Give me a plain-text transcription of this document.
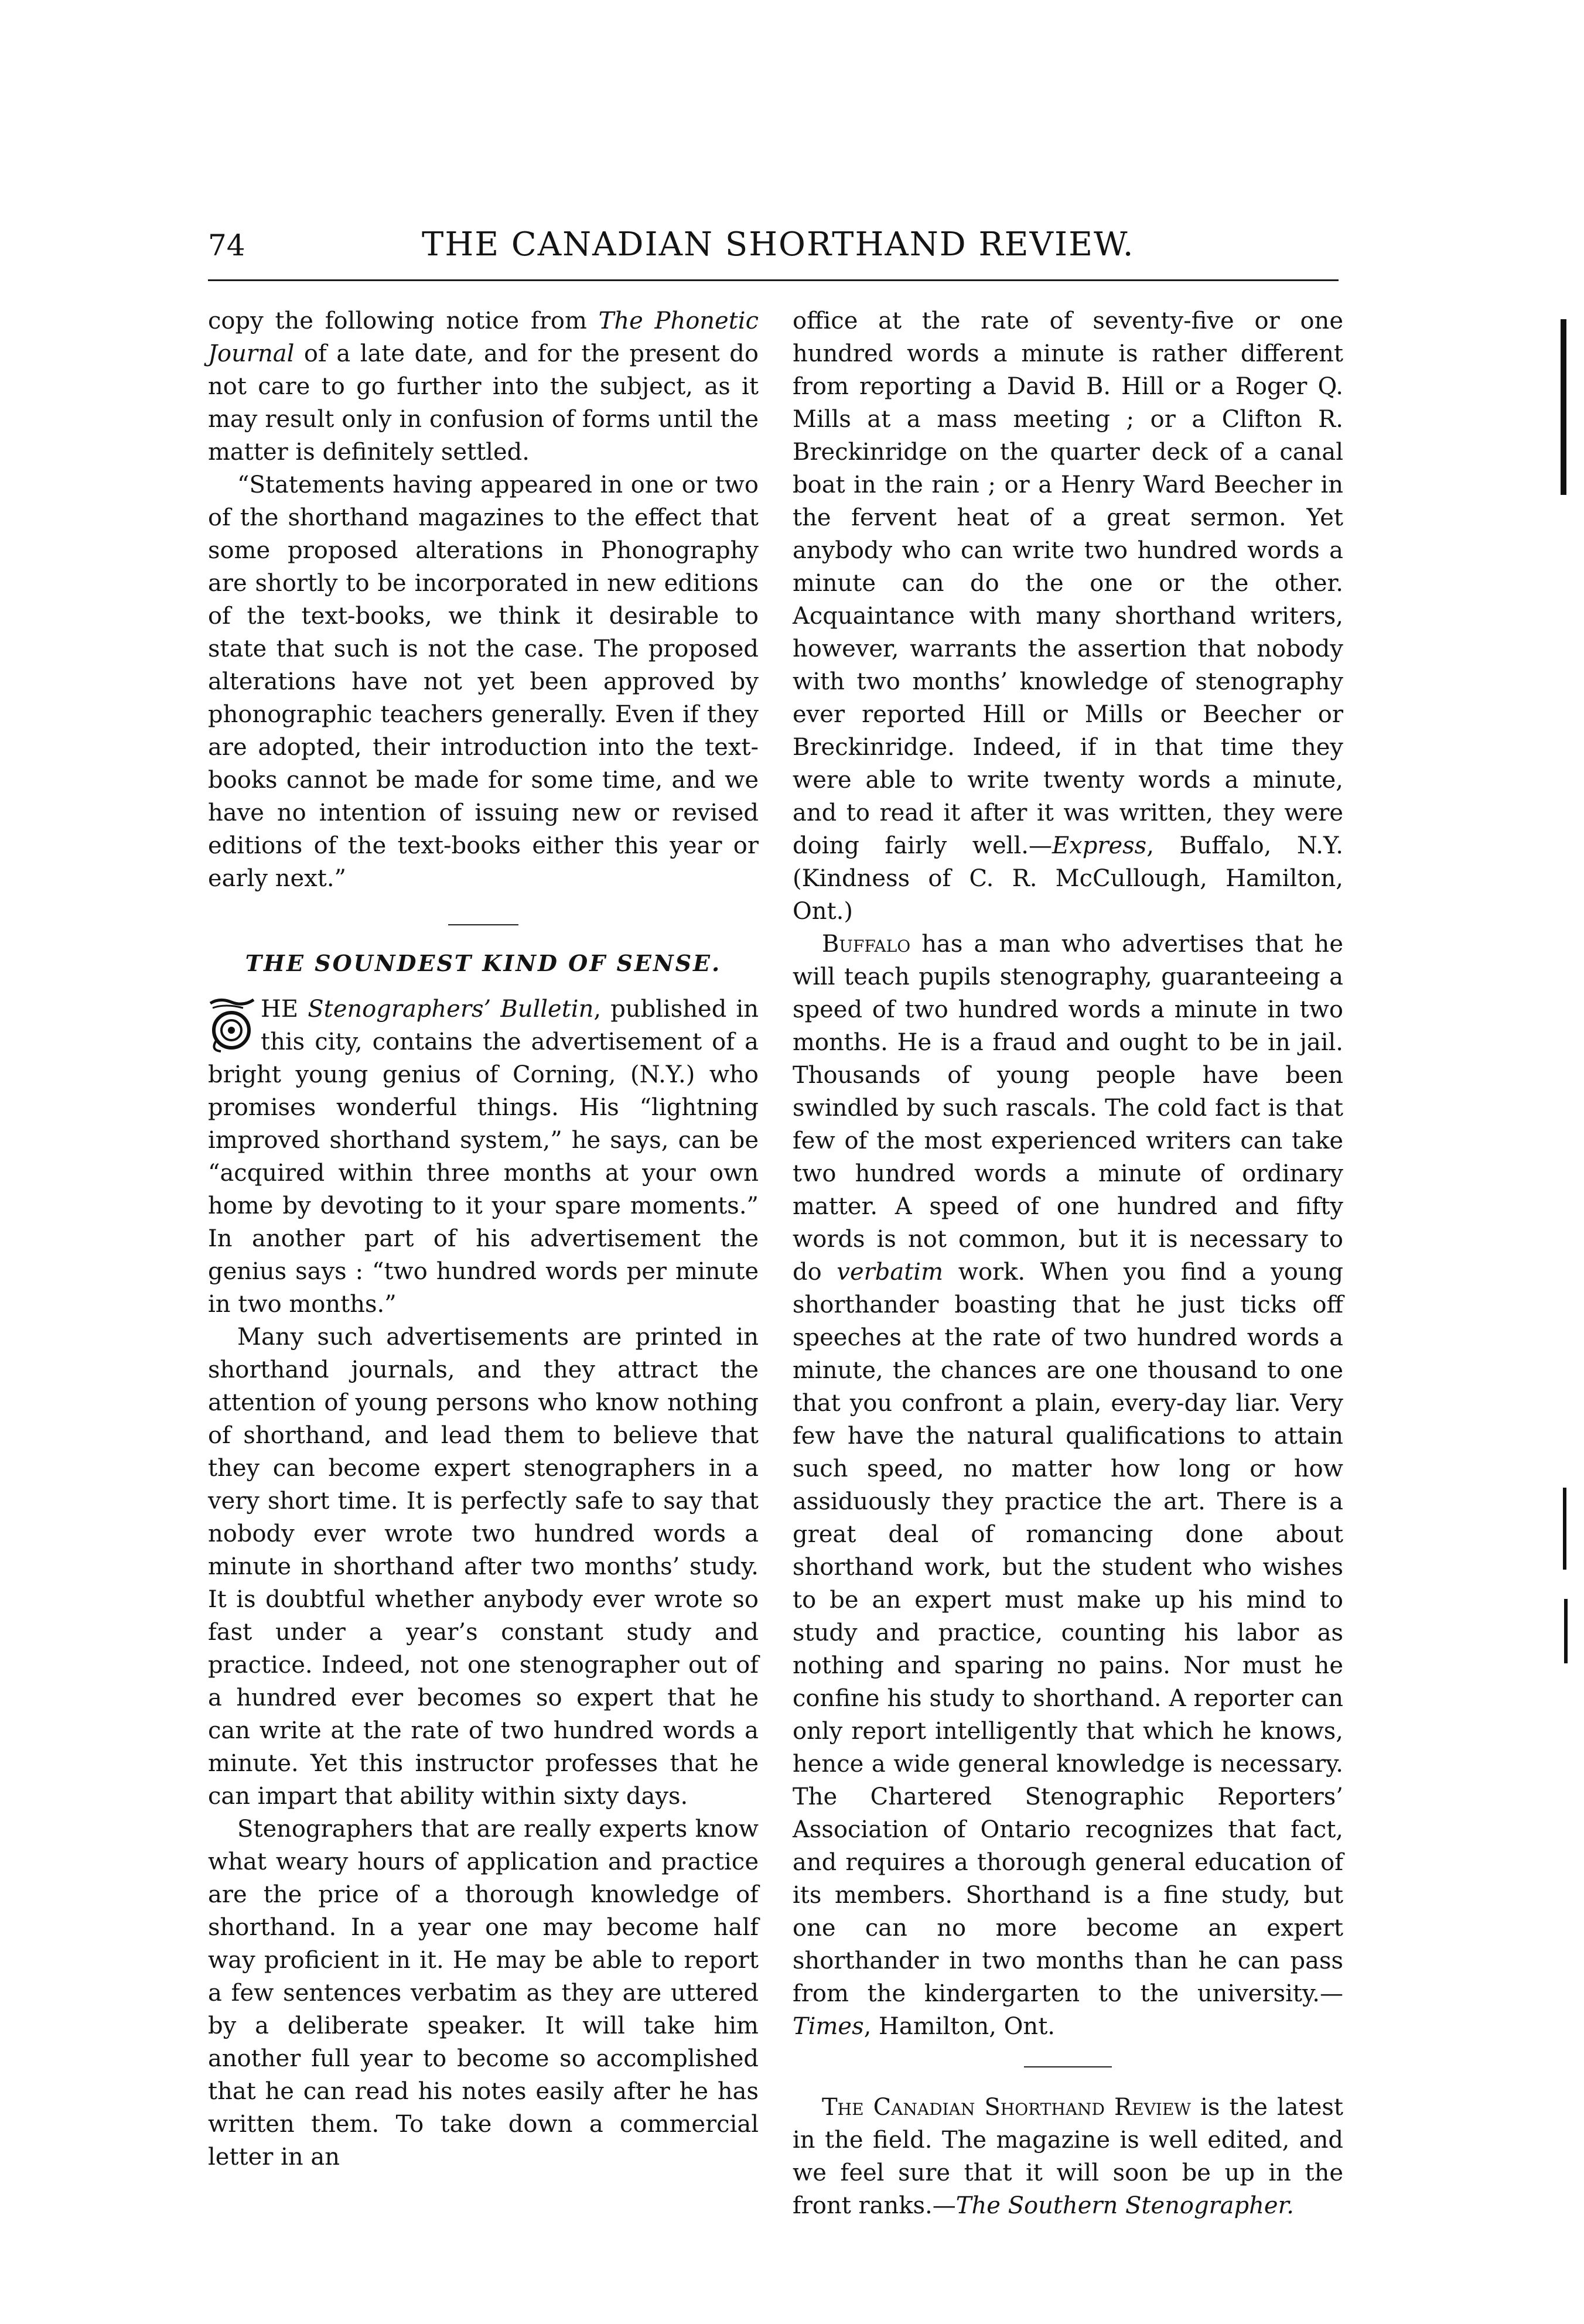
74	THE CANADIAN SHORTHAND REVIEW.

copy the following notice from The Phonetic Journal of a late date, and for the present do not care to go further into the subject, as it may result only in confusion of forms until the matter is definitely settled.

“Statements having appeared in one or two of the shorthand magazines to the effect that some proposed alterations in Phonography are shortly to be incorporated in new editions of the text-books, we think it desirable to state that such is not the case. The proposed alterations have not yet been approved by phonographic teachers generally. Even if they are adopted, their introduction into the text-books cannot be made for some time, and we have no intention of issuing new or revised editions of the text-books either this year or early next.”

THE SOUNDEST KIND OF SENSE.

HE Stenographers’ Bulletin, published in this city, contains the advertisement of a bright young genius of Corning, (N.Y.) who promises wonderful things. His “lightning improved shorthand system,” he says, can be “acquired within three months at your own home by devoting to it your spare moments.” In another part of his advertisement the genius says : “two hundred words per minute in two months.”

Many such advertisements are printed in shorthand journals, and they attract the attention of young persons who know nothing of shorthand, and lead them to believe that they can become expert stenographers in a very short time. It is perfectly safe to say that nobody ever wrote two hundred words a minute in shorthand after two months’ study. It is doubtful whether anybody ever wrote so fast under a year’s constant study and practice. Indeed, not one stenographer out of a hundred ever becomes so expert that he can write at the rate of two hundred words a minute. Yet this instructor professes that he can impart that ability within sixty days.

Stenographers that are really experts know what weary hours of application and practice are the price of a thorough knowledge of shorthand. In a year one may become half way proficient in it. He may be able to report a few sentences verbatim as they are uttered by a deliberate speaker. It will take him another full year to become so accomplished that he can read his notes easily after he has written them. To take down a commercial letter in an

office at the rate of seventy-five or one hundred words a minute is rather different from reporting a David B. Hill or a Roger Q. Mills at a mass meeting ; or a Clifton R. Breckinridge on the quarter deck of a canal boat in the rain ; or a Henry Ward Beecher in the fervent heat of a great sermon. Yet anybody who can write two hundred words a minute can do the one or the other. Acquaintance with many shorthand writers, however, warrants the assertion that nobody with two months’ knowledge of stenography ever reported Hill or Mills or Beecher or Breckinridge. Indeed, if in that time they were able to write twenty words a minute, and to read it after it was written, they were doing fairly well.—Express, Buffalo, N.Y. (Kindness of C. R. McCullough, Hamilton, Ont.)

Buffalo has a man who advertises that he will teach pupils stenography, guaranteeing a speed of two hundred words a minute in two months. He is a fraud and ought to be in jail. Thousands of young people have been swindled by such rascals. The cold fact is that few of the most experienced writers can take two hundred words a minute of ordinary matter. A speed of one hundred and fifty words is not common, but it is necessary to do verbatim work. When you find a young shorthander boasting that he just ticks off speeches at the rate of two hundred words a minute, the chances are one thousand to one that you confront a plain, every-day liar. Very few have the natural qualifications to attain such speed, no matter how long or how assiduously they practice the art. There is a great deal of romancing done about shorthand work, but the student who wishes to be an expert must make up his mind to study and practice, counting his labor as nothing and sparing no pains. Nor must he confine his study to shorthand. A reporter can only report intelligently that which he knows, hence a wide general knowledge is necessary. The Chartered Stenographic Reporters’ Association of Ontario recognizes that fact, and requires a thorough general education of its members. Shorthand is a fine study, but one can no more become an expert shorthander in two months than he can pass from the kindergarten to the university.—Times, Hamilton, Ont.

The Canadian Shorthand Review is the latest in the field. The magazine is well edited, and we feel sure that it will soon be up in the front ranks.—The Southern Stenographer.
